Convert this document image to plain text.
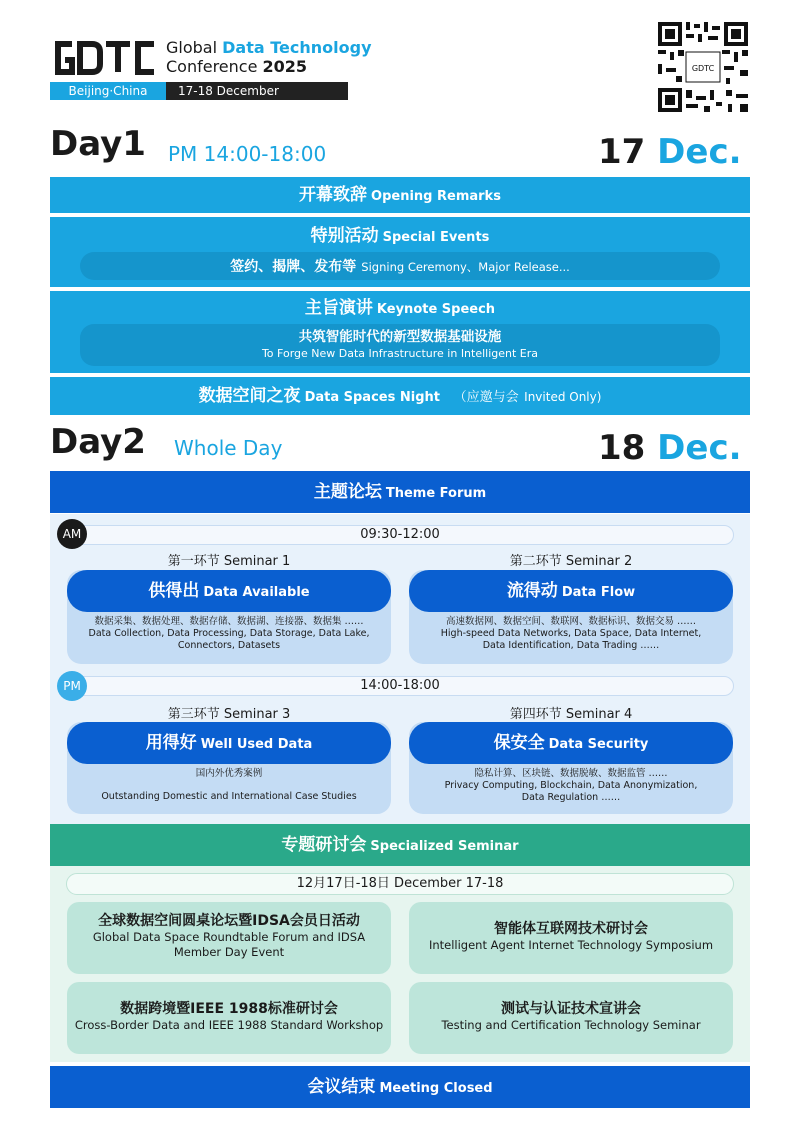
Global Data Technology
Conference 2025
Beijing·China	17-18 December
GDTC
Day1 PM 14:00-18:00	17 Dec.
开幕致辞 Opening Remarks
特别活动 Special Events
签约、揭牌、发布等 Signing Ceremony、Major Release...
主旨演讲 Keynote Speech
共筑智能时代的新型数据基础设施
To Forge New Data Infrastructure in Intelligent Era
数据空间之夜 Data Spaces Night （应邀与会 Invited Only)
Day2 Whole Day	18 Dec.
主题论坛 Theme Forum
09:30-12:00
AM
第一环节 Seminar 1	第二环节 Seminar 2
供得出 Data Available
数据采集、数据处理、数据存储、数据湖、连接器、数据集 ……
Data Collection, Data Processing, Data Storage, Data Lake,
Connectors, Datasets
流得动 Data Flow
高速数据网、数据空间、数联网、数据标识、数据交易 ……
High-speed Data Networks, Data Space, Data Internet,
Data Identification, Data Trading ……
14:00-18:00
PM
第三环节 Seminar 3	第四环节 Seminar 4
用得好 Well Used Data
国内外优秀案例
Outstanding Domestic and International Case Studies
保安全 Data Security
隐私计算、区块链、数据脱敏、数据监管 ……
Privacy Computing, Blockchain, Data Anonymization,
Data Regulation ……
专题研讨会 Specialized Seminar
12月17日-18日 December 17-18
全球数据空间圆桌论坛暨IDSA会员日活动
Global Data Space Roundtable Forum and IDSA
Member Day Event
智能体互联网技术研讨会
Intelligent Agent Internet Technology Symposium
数据跨境暨IEEE 1988标准研讨会
Cross-Border Data and IEEE 1988 Standard Workshop
测试与认证技术宣讲会
Testing and Certification Technology Seminar
会议结束 Meeting Closed
